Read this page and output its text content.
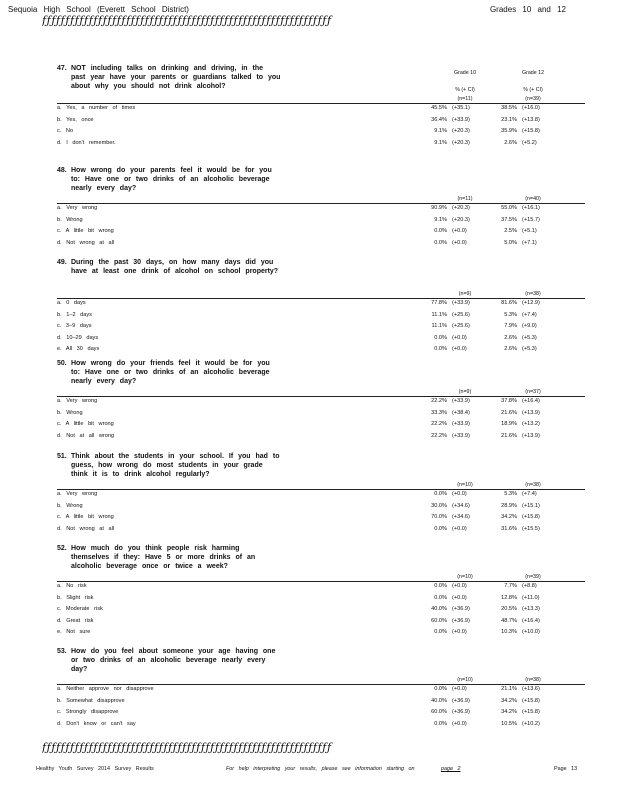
Sequoia High School (Everett School District)	Grades 10 and 12
ƒƒƒƒƒƒƒƒƒƒƒƒƒƒƒƒƒƒƒƒƒƒƒƒƒƒƒƒƒƒƒƒƒƒƒƒƒƒƒƒƒƒƒƒƒƒƒƒƒƒƒƒƒƒƒƒƒƒƒƒƒƒ
ƒƒƒƒƒƒƒƒƒƒƒƒƒƒƒƒƒƒƒƒƒƒƒƒƒƒƒƒƒƒƒƒƒƒƒƒƒƒƒƒƒƒƒƒƒƒƒƒƒƒƒƒƒƒƒƒƒƒƒƒƒƒ
Grade 10	Grade 12
% (+ CI)	% (+ CI)
47. NOT including talks on drinking and driving, in the past year have your parents or guardians talked to you about why you should not drink alcohol?
(n=11)	(n=39)
a. Yes, a number of times	45.5% (+35.1)	38.5% (+16.0)
b. Yes, once	36.4% (+33.9)	23.1% (+13.8)
c. No	9.1% (+20.3)	35.9% (+15.8)
d. I don't remember.	9.1% (+20.3)	2.6% (+5.2)
48. How wrong do your parents feel it would be for you to: Have one or two drinks of an alcoholic beverage nearly every day?
(n=11)	(n=40)
a. Very wrong	90.9% (+20.3)	55.0% (+16.1)
b. Wrong	9.1% (+20.3)	37.5% (+15.7)
c. A little bit wrong	0.0% (+0.0)	2.5% (+5.1)
d. Not wrong at all	0.0% (+0.0)	5.0% (+7.1)
49. During the past 30 days, on how many days did you have at least one drink of alcohol on school property?
(n=9)	(n=38)
a. 0 days	77.8% (+33.9)	81.6% (+12.9)
b. 1–2 days	11.1% (+25.6)	5.3% (+7.4)
c. 3–9 days	11.1% (+25.6)	7.9% (+9.0)
d. 10–29 days	0.0% (+0.0)	2.6% (+5.3)
e. All 30 days	0.0% (+0.0)	2.6% (+5.3)
50. How wrong do your friends feel it would be for you to: Have one or two drinks of an alcoholic beverage nearly every day?
(n=9)	(n=37)
a. Very wrong	22.2% (+33.9)	37.8% (+16.4)
b. Wrong	33.3% (+38.4)	21.6% (+13.9)
c. A little bit wrong	22.2% (+33.9)	18.9% (+13.2)
d. Not at all wrong	22.2% (+33.9)	21.6% (+13.9)
51. Think about the students in your school. If you had to guess, how wrong do most students in your grade think it is to drink alcohol regularly?
(n=10)	(n=38)
a. Very wrong	0.0% (+0.0)	5.3% (+7.4)
b. Wrong	30.0% (+34.6)	28.9% (+15.1)
c. A little bit wrong	70.0% (+34.6)	34.2% (+15.8)
d. Not wrong at all	0.0% (+0.0)	31.6% (+15.5)
52. How much do you think people risk harming themselves if they: Have 5 or more drinks of an alcoholic beverage once or twice a week?
(n=10)	(n=39)
a. No risk	0.0% (+0.0)	7.7% (+8.8)
b. Slight risk	0.0% (+0.0)	12.8% (+11.0)
c. Moderate risk	40.0% (+36.9)	20.5% (+13.3)
d. Great risk	60.0% (+36.9)	48.7% (+16.4)
e. Not sure	0.0% (+0.0)	10.3% (+10.0)
53. How do you feel about someone your age having one or two drinks of an alcoholic beverage nearly every day?
(n=10)	(n=38)
a. Neither approve nor disapprove	0.0% (+0.0)	21.1% (+13.6)
b. Somewhat disapprove	40.0% (+36.9)	34.2% (+15.8)
c. Strongly disapprove	60.0% (+36.9)	34.2% (+15.8)
d. Don't know or can't say	0.0% (+0.0)	10.5% (+10.2)
Healthy Youth Survey 2014 Survey Results	For help interpreting your results, please see information starting on	page 2	Page 13
